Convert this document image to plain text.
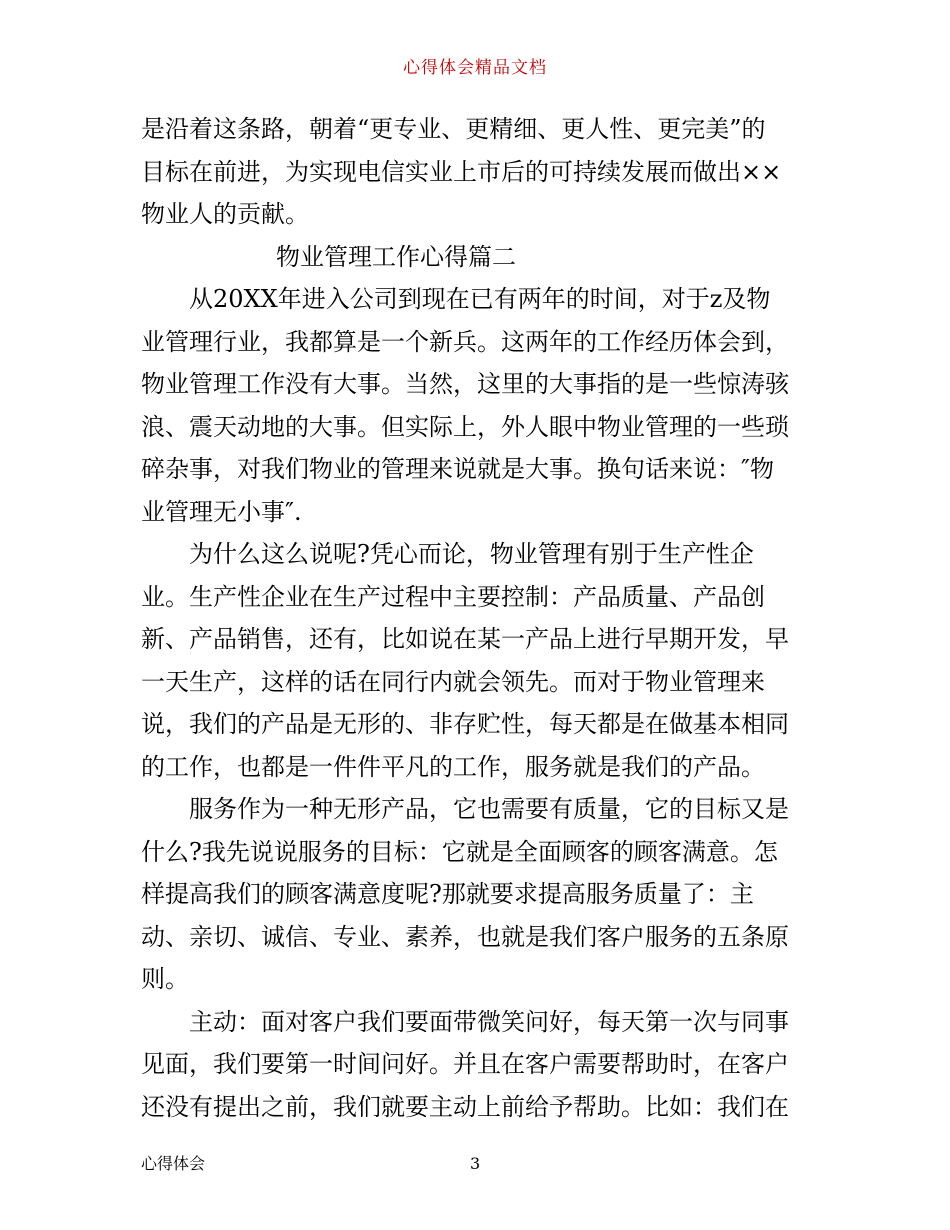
心得体会精品文档
是沿着这条路，朝着“更专业、更精细、更人性、更完美”的
目标在前进，为实现电信实业上市后的可持续发展而做出××
物业人的贡献。
物业管理工作心得篇二
从20XX年进入公司到现在已有两年的时间，对于z及物
业管理行业，我都算是一个新兵。这两年的工作经历体会到，
物业管理工作没有大事。当然，这里的大事指的是一些惊涛骇
浪、震天动地的大事。但实际上，外人眼中物业管理的一些琐
碎杂事，对我们物业的管理来说就是大事。换句话来说：″物
业管理无小事″.
为什么这么说呢?凭心而论，物业管理有别于生产性企
业。生产性企业在生产过程中主要控制：产品质量、产品创
新、产品销售，还有，比如说在某一产品上进行早期开发，早
一天生产，这样的话在同行内就会领先。而对于物业管理来
说，我们的产品是无形的、非存贮性，每天都是在做基本相同
的工作，也都是一件件平凡的工作，服务就是我们的产品。
服务作为一种无形产品，它也需要有质量，它的目标又是
什么?我先说说服务的目标：它就是全面顾客的顾客满意。怎
样提高我们的顾客满意度呢?那就要求提高服务质量了：主
动、亲切、诚信、专业、素养，也就是我们客户服务的五条原
则。
主动：面对客户我们要面带微笑问好，每天第一次与同事
见面，我们要第一时间问好。并且在客户需要帮助时，在客户
还没有提出之前，我们就要主动上前给予帮助。比如：我们在
心得体会	3
